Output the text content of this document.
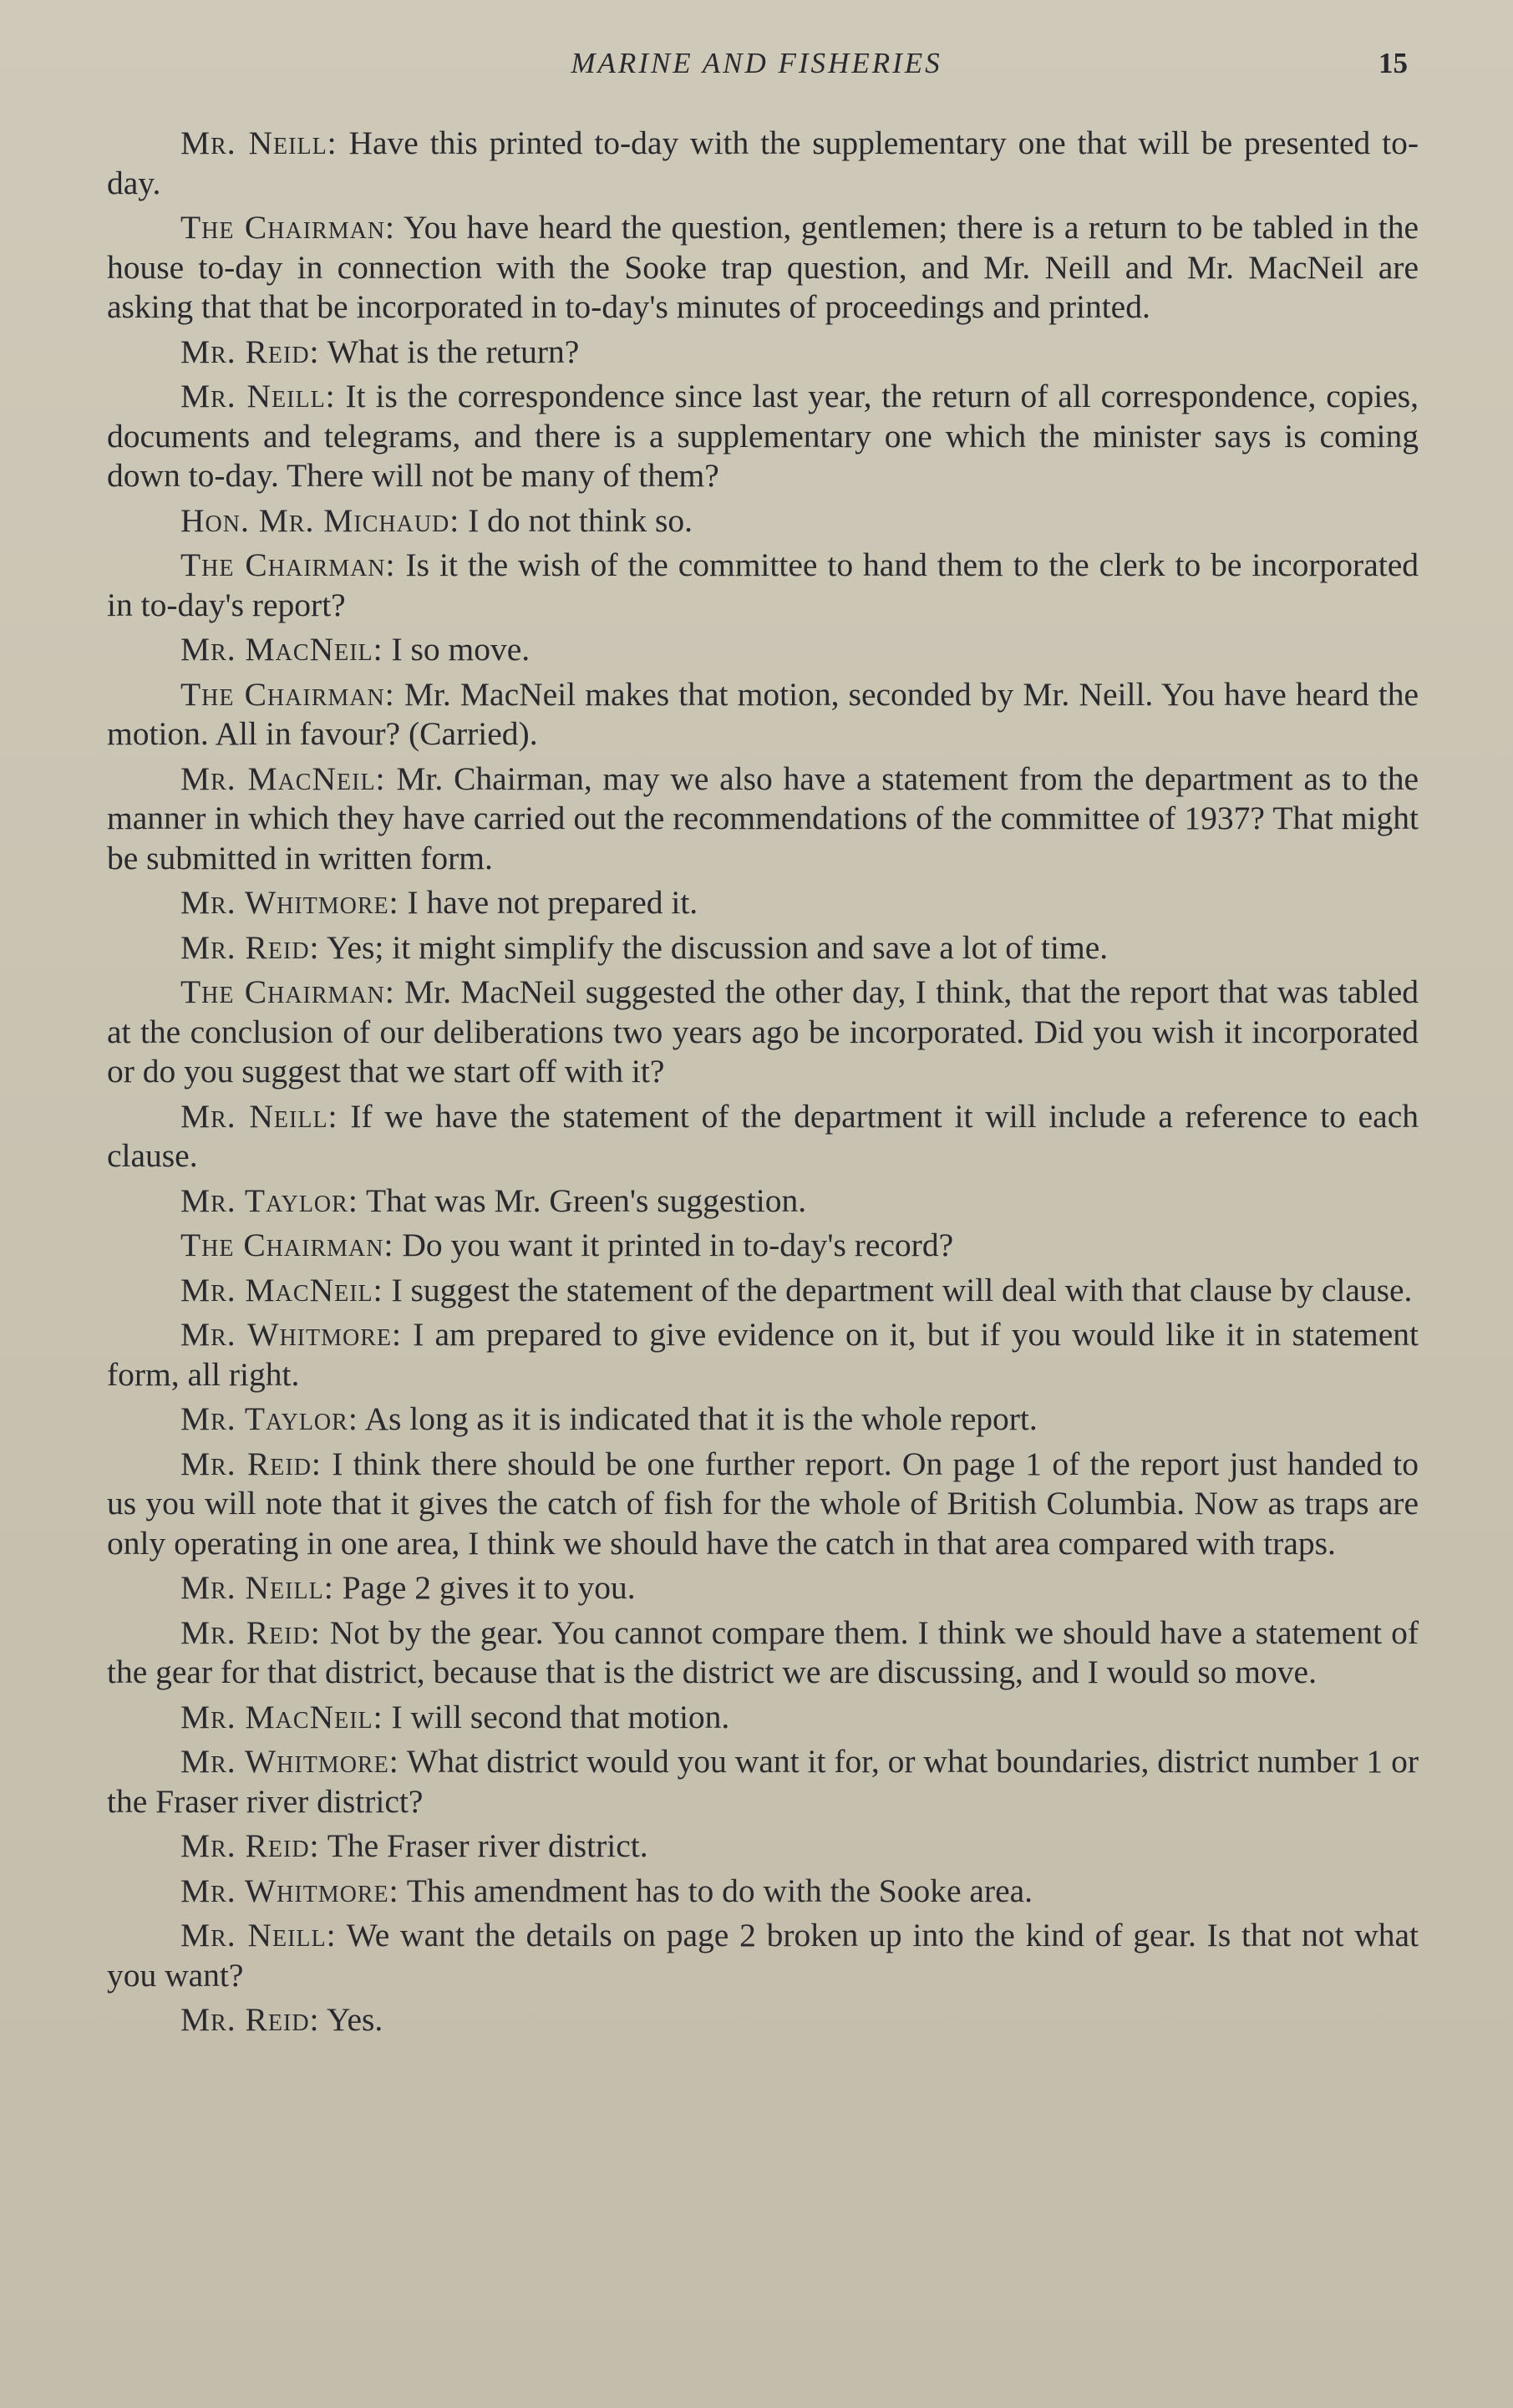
MARINE AND FISHERIES	15

Mr. Neill: Have this printed to-day with the supplementary one that will be presented to-day.

The Chairman: You have heard the question, gentlemen; there is a return to be tabled in the house to-day in connection with the Sooke trap question, and Mr. Neill and Mr. MacNeil are asking that that be incorporated in to-day's minutes of proceedings and printed.

Mr. Reid: What is the return?

Mr. Neill: It is the correspondence since last year, the return of all correspondence, copies, documents and telegrams, and there is a supplementary one which the minister says is coming down to-day. There will not be many of them?

Hon. Mr. Michaud: I do not think so.

The Chairman: Is it the wish of the committee to hand them to the clerk to be incorporated in to-day's report?

Mr. MacNeil: I so move.

The Chairman: Mr. MacNeil makes that motion, seconded by Mr. Neill. You have heard the motion. All in favour? (Carried).

Mr. MacNeil: Mr. Chairman, may we also have a statement from the department as to the manner in which they have carried out the recommendations of the committee of 1937? That might be submitted in written form.

Mr. Whitmore: I have not prepared it.

Mr. Reid: Yes; it might simplify the discussion and save a lot of time.

The Chairman: Mr. MacNeil suggested the other day, I think, that the report that was tabled at the conclusion of our deliberations two years ago be incorporated. Did you wish it incorporated or do you suggest that we start off with it?

Mr. Neill: If we have the statement of the department it will include a reference to each clause.

Mr. Taylor: That was Mr. Green's suggestion.

The Chairman: Do you want it printed in to-day's record?

Mr. MacNeil: I suggest the statement of the department will deal with that clause by clause.

Mr. Whitmore: I am prepared to give evidence on it, but if you would like it in statement form, all right.

Mr. Taylor: As long as it is indicated that it is the whole report.

Mr. Reid: I think there should be one further report. On page 1 of the report just handed to us you will note that it gives the catch of fish for the whole of British Columbia. Now as traps are only operating in one area, I think we should have the catch in that area compared with traps.

Mr. Neill: Page 2 gives it to you.

Mr. Reid: Not by the gear. You cannot compare them. I think we should have a statement of the gear for that district, because that is the district we are discussing, and I would so move.

Mr. MacNeil: I will second that motion.

Mr. Whitmore: What district would you want it for, or what boundaries, district number 1 or the Fraser river district?

Mr. Reid: The Fraser river district.

Mr. Whitmore: This amendment has to do with the Sooke area.

Mr. Neill: We want the details on page 2 broken up into the kind of gear. Is that not what you want?

Mr. Reid: Yes.
